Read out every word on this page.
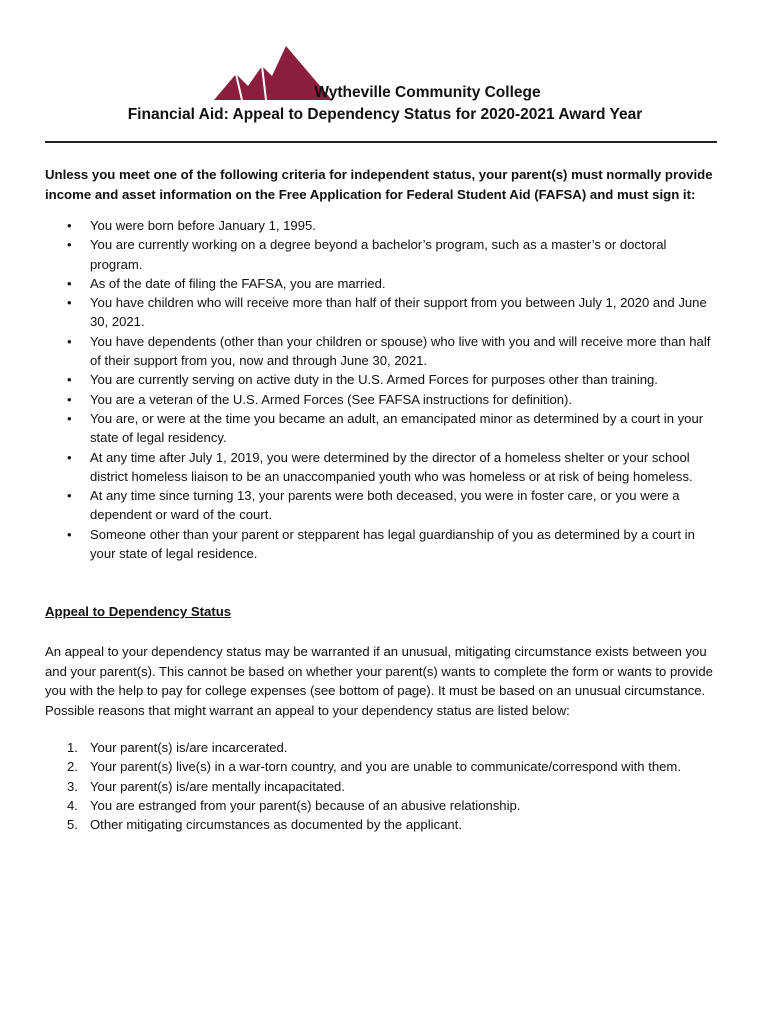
Wytheville Community College
Financial Aid: Appeal to Dependency Status for 2020-2021 Award Year
Unless you meet one of the following criteria for independent status, your parent(s) must normally provide income and asset information on the Free Application for Federal Student Aid (FAFSA) and must sign it:
• You were born before January 1, 1995.
• You are currently working on a degree beyond a bachelor’s program, such as a master’s or doctoral program.
• As of the date of filing the FAFSA, you are married.
• You have children who will receive more than half of their support from you between July 1, 2020 and June 30, 2021.
• You have dependents (other than your children or spouse) who live with you and will receive more than half of their support from you, now and through June 30, 2021.
• You are currently serving on active duty in the U.S. Armed Forces for purposes other than training.
• You are a veteran of the U.S. Armed Forces (See FAFSA instructions for definition).
• You are, or were at the time you became an adult, an emancipated minor as determined by a court in your state of legal residency.
• At any time after July 1, 2019, you were determined by the director of a homeless shelter or your school district homeless liaison to be an unaccompanied youth who was homeless or at risk of being homeless.
• At any time since turning 13, your parents were both deceased, you were in foster care, or you were a dependent or ward of the court.
• Someone other than your parent or stepparent has legal guardianship of you as determined by a court in your state of legal residence.
Appeal to Dependency Status
An appeal to your dependency status may be warranted if an unusual, mitigating circumstance exists between you and your parent(s). This cannot be based on whether your parent(s) wants to complete the form or wants to provide you with the help to pay for college expenses (see bottom of page). It must be based on an unusual circumstance. Possible reasons that might warrant an appeal to your dependency status are listed below:
1. Your parent(s) is/are incarcerated.
2. Your parent(s) live(s) in a war-torn country, and you are unable to communicate/correspond with them.
3. Your parent(s) is/are mentally incapacitated.
4. You are estranged from your parent(s) because of an abusive relationship.
5. Other mitigating circumstances as documented by the applicant.
